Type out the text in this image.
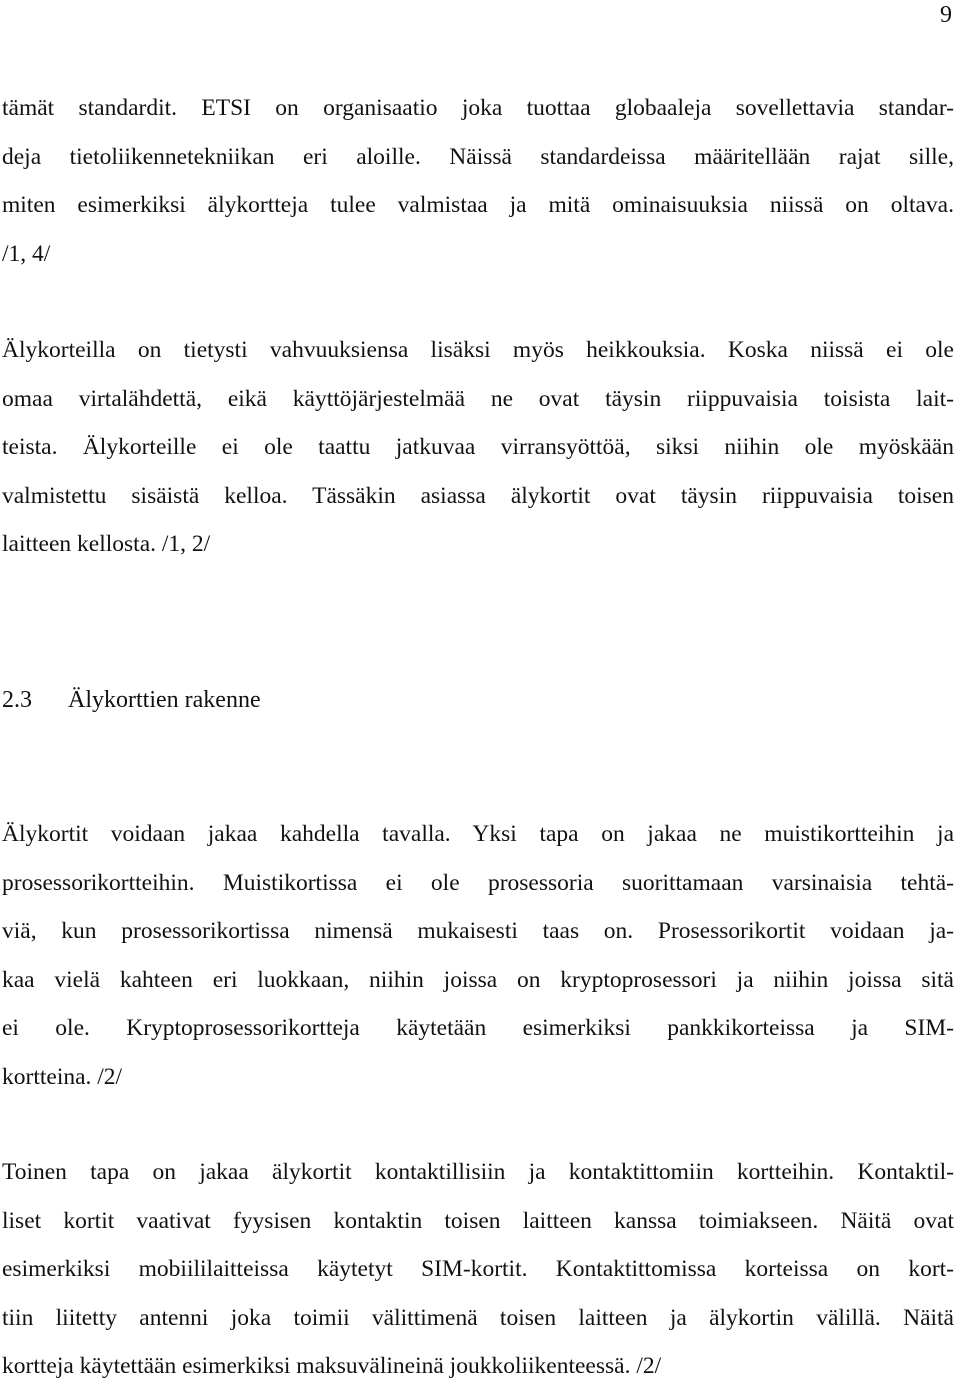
9
tämät standardit. ETSI on organisaatio joka tuottaa globaaleja sovellettavia standar-
deja tietoliikennetekniikan eri aloille. Näissä standardeissa määritellään rajat sille,
miten esimerkiksi älykortteja tulee valmistaa ja mitä ominaisuuksia niissä on oltava.
/1, 4/
Älykorteilla on tietysti vahvuuksiensa lisäksi myös heikkouksia. Koska niissä ei ole
omaa virtalähdettä, eikä käyttöjärjestelmää ne ovat täysin riippuvaisia toisista lait-
teista. Älykorteille ei ole taattu jatkuvaa virransyöttöä, siksi niihin ole myöskään
valmistettu sisäistä kelloa. Tässäkin asiassa älykortit ovat täysin riippuvaisia toisen
laitteen kellosta. /1, 2/
2.3 Älykorttien rakenne
Älykortit voidaan jakaa kahdella tavalla. Yksi tapa on jakaa ne muistikortteihin ja
prosessorikortteihin. Muistikortissa ei ole prosessoria suorittamaan varsinaisia tehtä-
viä, kun prosessorikortissa nimensä mukaisesti taas on. Prosessorikortit voidaan ja-
kaa vielä kahteen eri luokkaan, niihin joissa on kryptoprosessori ja niihin joissa sitä
ei ole. Kryptoprosessorikortteja käytetään esimerkiksi pankkikorteissa ja SIM-
kortteina. /2/
Toinen tapa on jakaa älykortit kontaktillisiin ja kontaktittomiin kortteihin. Kontaktil-
liset kortit vaativat fyysisen kontaktin toisen laitteen kanssa toimiakseen. Näitä ovat
esimerkiksi mobiililaitteissa käytetyt SIM-kortit. Kontaktittomissa korteissa on kort-
tiin liitetty antenni joka toimii välittimenä toisen laitteen ja älykortin välillä. Näitä
kortteja käytettään esimerkiksi maksuvälineinä joukkoliikenteessä. /2/
